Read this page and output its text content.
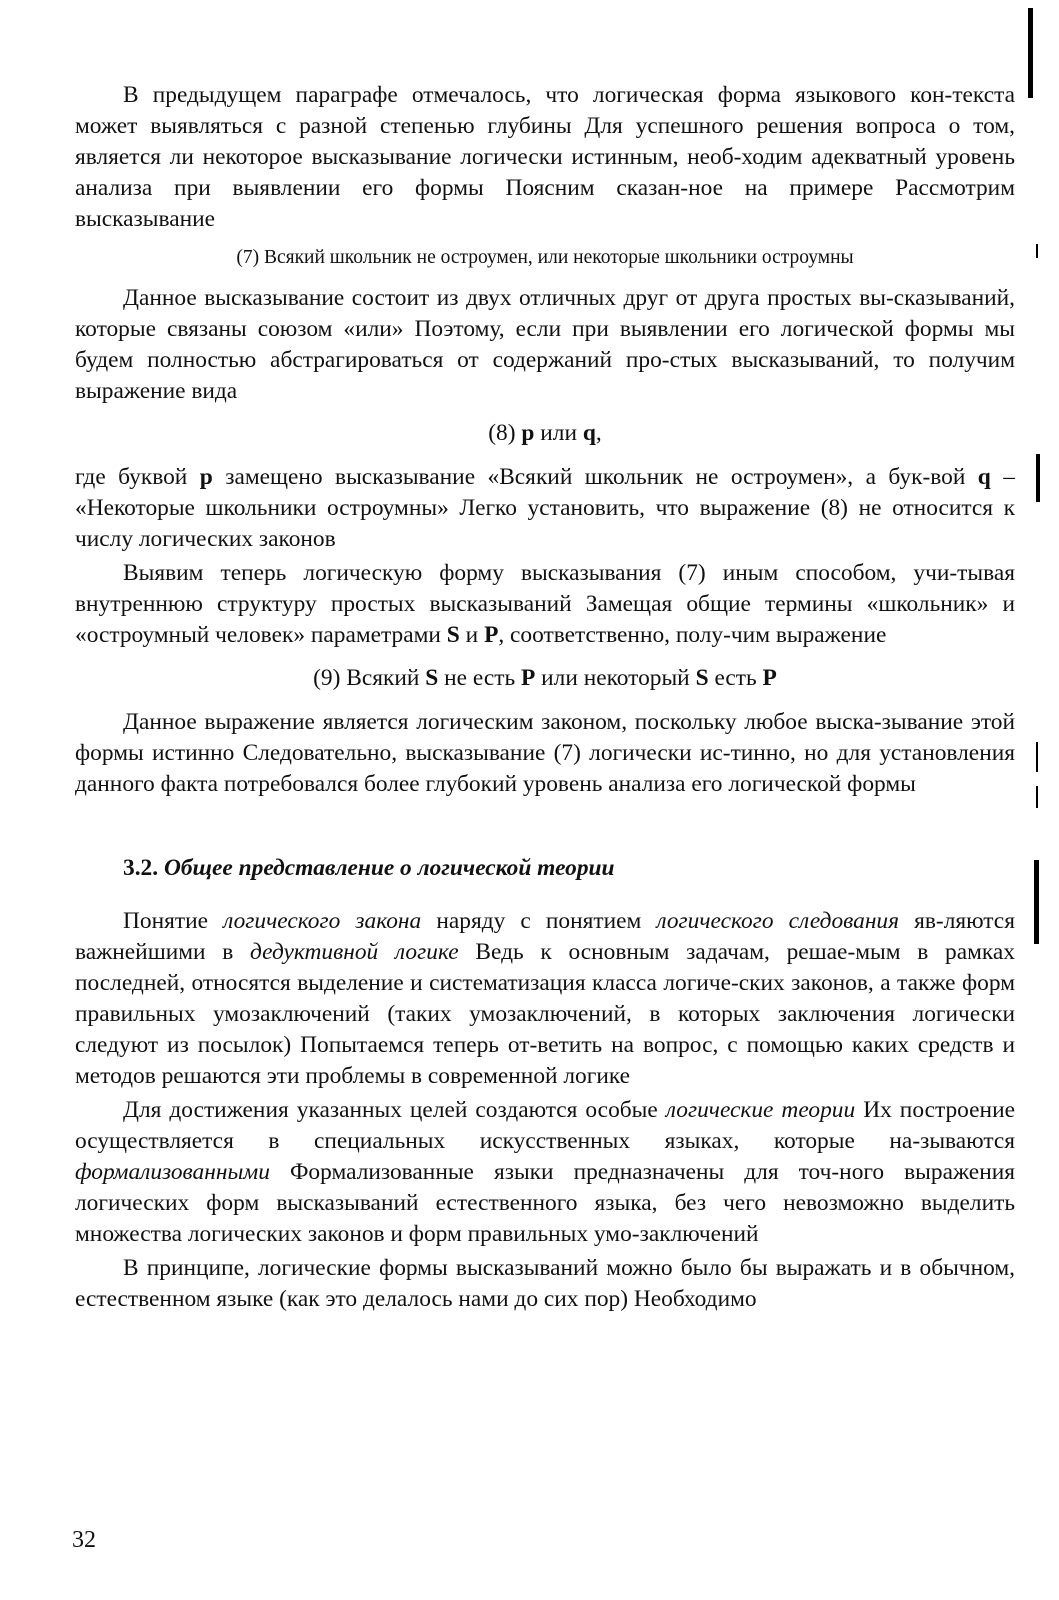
В предыдущем параграфе отмечалось, что логическая форма языкового кон-текста может выявляться с разной степенью глубины Для успешного решения вопроса о том, является ли некоторое высказывание логически истинным, необ-ходим адекватный уровень анализа при выявлении его формы Поясним сказан-ное на примере Рассмотрим высказывание

(7) Всякий школьник не остроумен, или некоторые школьники остроумны

Данное высказывание состоит из двух отличных друг от друга простых вы-сказываний, которые связаны союзом «или» Поэтому, если при выявлении его логической формы мы будем полностью абстрагироваться от содержаний про-стых высказываний, то получим выражение вида

(8) p или q,

где буквой p замещено высказывание «Всякий школьник не остроумен», а бук-вой q – «Некоторые школьники остроумны» Легко установить, что выражение (8) не относится к числу логических законов

Выявим теперь логическую форму высказывания (7) иным способом, учи-тывая внутреннюю структуру простых высказываний Замещая общие термины «школьник» и «остроумный человек» параметрами S и P, соответственно, полу-чим выражение

(9) Всякий S не есть P или некоторый S есть P

Данное выражение является логическим законом, поскольку любое выска-зывание этой формы истинно Следовательно, высказывание (7) логически ис-тинно, но для установления данного факта потребовался более глубокий уровень анализа его логической формы

3.2. Общее представление о логической теории

Понятие логического закона наряду с понятием логического следования яв-ляются важнейшими в дедуктивной логике Ведь к основным задачам, решае-мым в рамках последней, относятся выделение и систематизация класса логиче-ских законов, а также форм правильных умозаключений (таких умозаключений, в которых заключения логически следуют из посылок) Попытаемся теперь от-ветить на вопрос, с помощью каких средств и методов решаются эти проблемы в современной логике

Для достижения указанных целей создаются особые логические теории Их построение осуществляется в специальных искусственных языках, которые на-зываются формализованными Формализованные языки предназначены для точ-ного выражения логических форм высказываний естественного языка, без чего невозможно выделить множества логических законов и форм правильных умо-заключений

В принципе, логические формы высказываний можно было бы выражать и в обычном, естественном языке (как это делалось нами до сих пор) Необходимо

32
